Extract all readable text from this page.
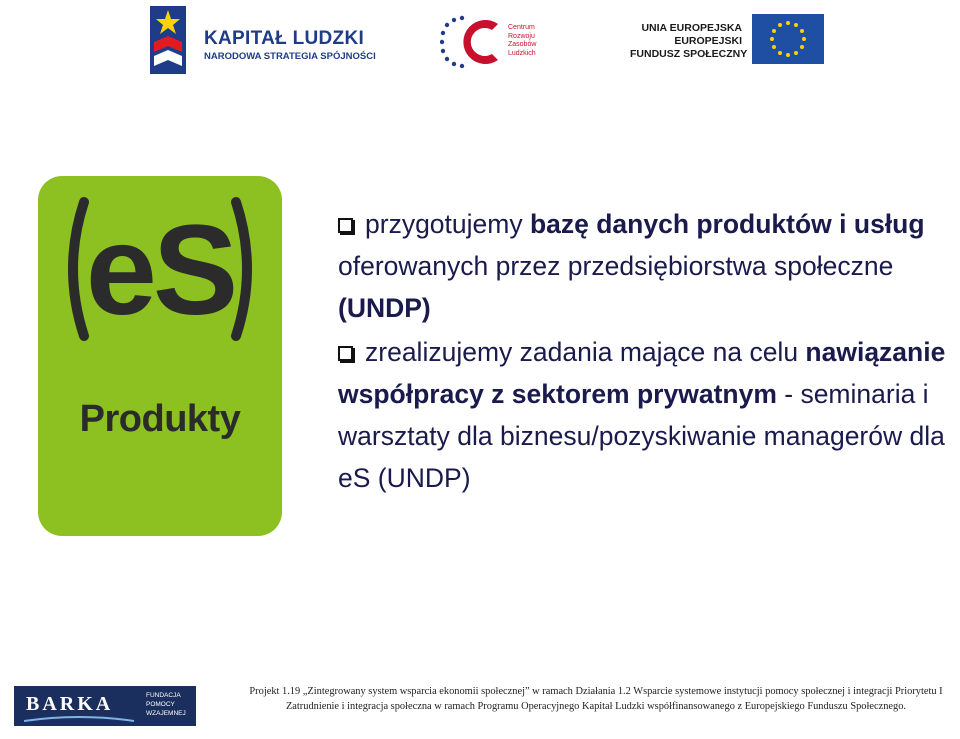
KAPITAŁ LUDZKI
NARODOWA STRATEGIA SPÓJNOŚCI
Centrum
Rozwoju
Zasobów
Ludzkich
UNIA EUROPEJSKA
EUROPEJSKI
FUNDUSZ SPOŁECZNY
eS
Produkty

przygotujemy bazę danych produktów i usług oferowanych przez przedsiębiorstwa społeczne (UNDP)

zrealizujemy zadania mające na celu nawiązanie współpracy z sektorem prywatnym - seminaria i warsztaty dla biznesu/pozyskiwanie managerów dla eS (UNDP)

BARKA	FUNDACJA
POMOCY
WZAJEMNEJ
Projekt 1.19 „Zintegrowany system wsparcia ekonomii społecznej” w ramach Działania 1.2 Wsparcie systemowe instytucji pomocy społecznej i integracji Priorytetu I Zatrudnienie i integracja społeczna w ramach Programu Operacyjnego Kapitał Ludzki współfinansowanego z Europejskiego Funduszu Społecznego.
